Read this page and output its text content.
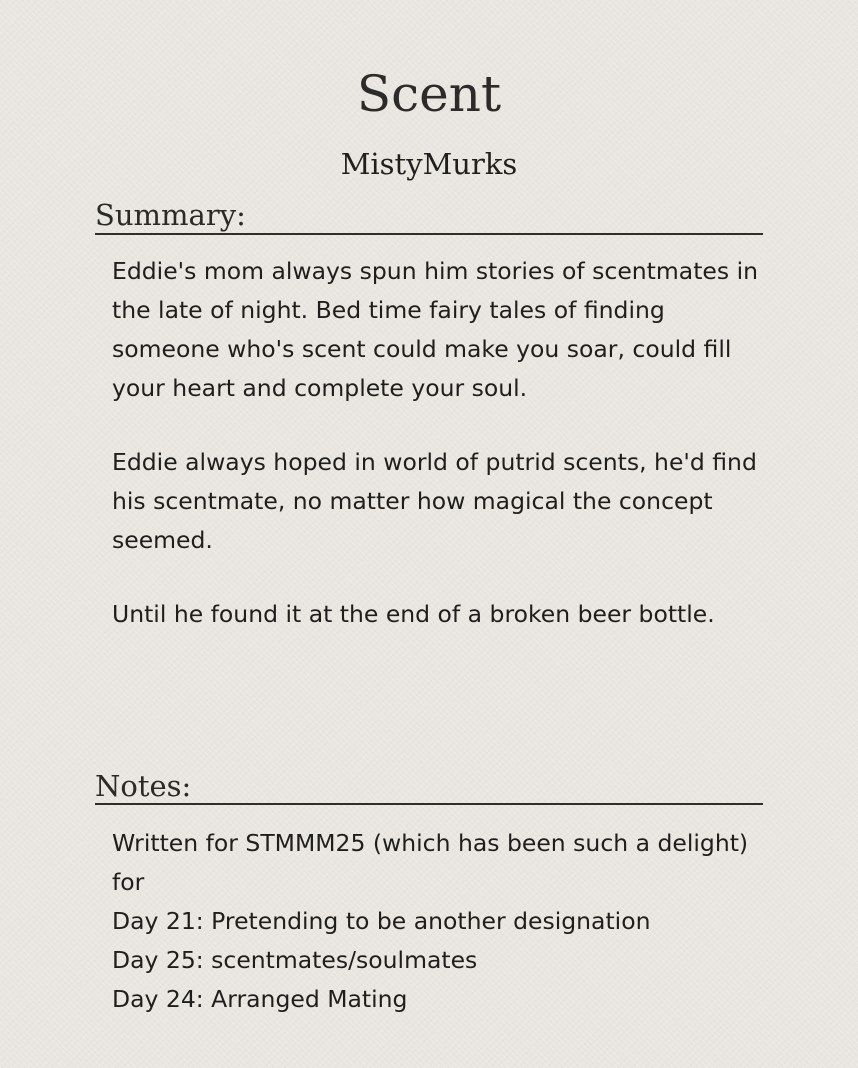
Scent
MistyMurks
Summary:

Eddie's mom always spun him stories of scentmates in the late of night. Bed time fairy tales of finding someone who's scent could make you soar, could fill your heart and complete your soul.

Eddie always hoped in world of putrid scents, he'd find his scentmate, no matter how magical the concept seemed.

Until he found it at the end of a broken beer bottle.

Notes:
Written for STMMM25 (which has been such a delight) for
Day 21: Pretending to be another designation
Day 25: scentmates/soulmates
Day 24: Arranged Mating
